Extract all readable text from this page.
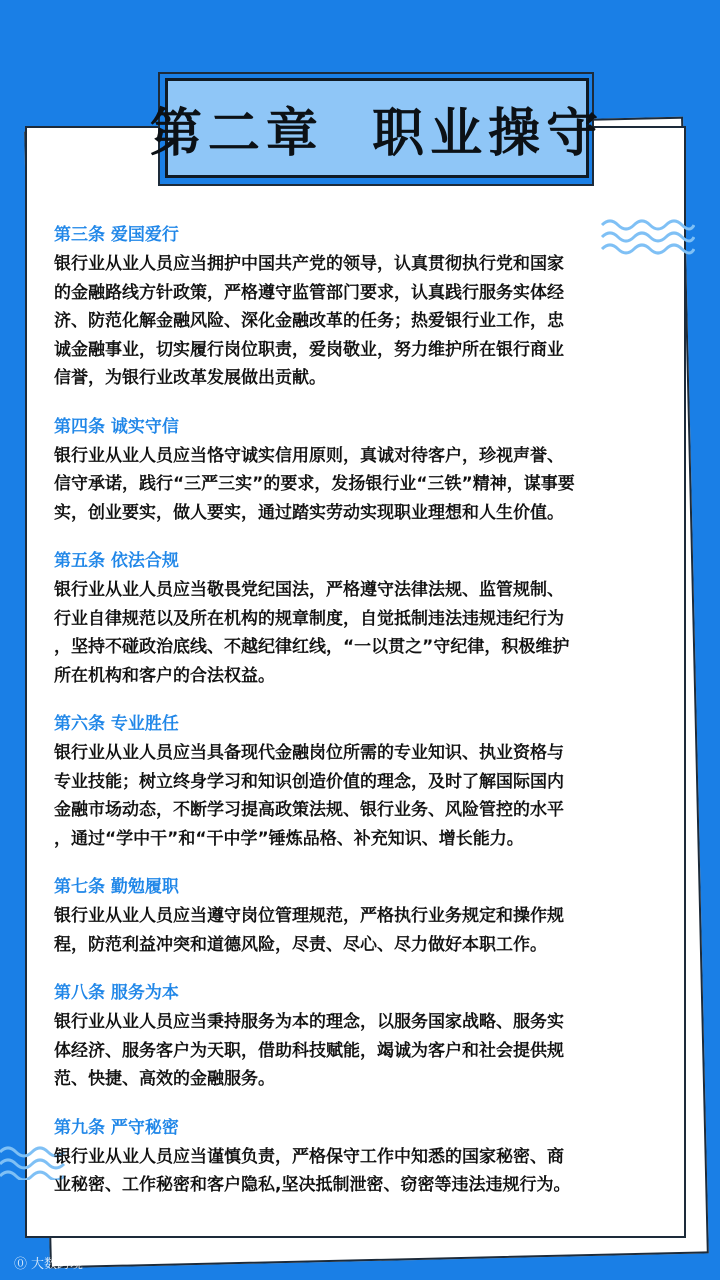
第二章  职业操守
第三条 爱国爱行
银行业从业人员应当拥护中国共产党的领导，认真贯彻执行党和国家
的金融路线方针政策，严格遵守监管部门要求，认真践行服务实体经
济、防范化解金融风险、深化金融改革的任务；热爱银行业工作，忠
诚金融事业，切实履行岗位职责，爱岗敬业，努力维护所在银行商业
信誉，为银行业改革发展做出贡献。
第四条 诚实守信
银行业从业人员应当恪守诚实信用原则，真诚对待客户，珍视声誉、
信守承诺，践行“三严三实”的要求，发扬银行业“三铁”精神，谋事要
实，创业要实，做人要实，通过踏实劳动实现职业理想和人生价值。
第五条 依法合规
银行业从业人员应当敬畏党纪国法，严格遵守法律法规、监管规制、
行业自律规范以及所在机构的规章制度，自觉抵制违法违规违纪行为
，坚持不碰政治底线、不越纪律红线，“一以贯之”守纪律，积极维护
所在机构和客户的合法权益。
第六条 专业胜任
银行业从业人员应当具备现代金融岗位所需的专业知识、执业资格与
专业技能；树立终身学习和知识创造价值的理念，及时了解国际国内
金融市场动态，不断学习提高政策法规、银行业务、风险管控的水平
，通过“学中干”和“干中学”锤炼品格、补充知识、增长能力。
第七条 勤勉履职
银行业从业人员应当遵守岗位管理规范，严格执行业务规定和操作规
程，防范利益冲突和道德风险，尽责、尽心、尽力做好本职工作。
第八条 服务为本
银行业从业人员应当秉持服务为本的理念，以服务国家战略、服务实
体经济、服务客户为天职，借助科技赋能，竭诚为客户和社会提供规
范、快捷、高效的金融服务。
第九条 严守秘密
银行业从业人员应当谨慎负责，严格保守工作中知悉的国家秘密、商
业秘密、工作秘密和客户隐私,坚决抵制泄密、窃密等违法违规行为。
⓪ 大数跨境
